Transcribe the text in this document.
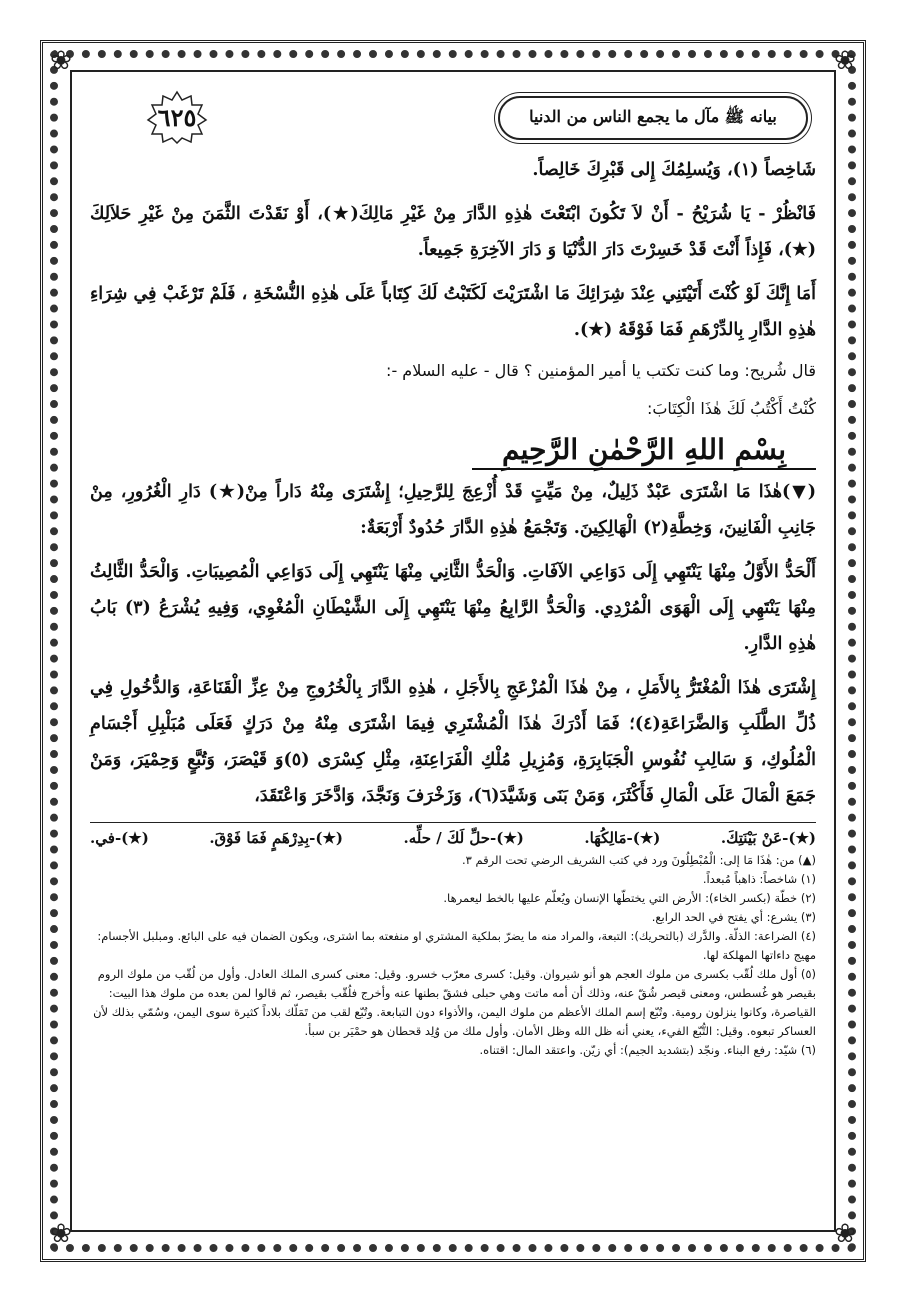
❀	❀
❀	❀
بيانه ﷺ مآل ما يجمع الناس من الدنيا
٦٢٥

شَاخِصاً (١)، وَيُسلِمُكَ إِلى قَبْرِكَ خَالِصاً.

فَانْظُرْ - يَا شُرَيْحُ - أَنْ لاَ تَكُونَ ابْتَعْتَ هٰذِهِ الدَّارَ مِنْ غَيْرِ مَالِكَ(★)، أَوْ نَقَدْتَ الثَّمَنَ مِنْ غَيْرِ حَلاَلِكَ (★)، فَإِذاً أَنْتَ قَدْ خَسِرْتَ دَارَ الدُّنْيَا وَ دَارَ الآخِرَةِ جَمِيعاً.

أَمَا إِنَّكَ لَوْ كُنْتَ أَتَيْتَنِي عِنْدَ شِرَائِكَ مَا اشْتَرَيْتَ لَكَتَبْتُ لَكَ كِتَاباً عَلَى هٰذِهِ النُّسْخَةِ ، فَلَمْ تَرْغَبْ فِي شِرَاءِ هٰذِهِ الدَّارِ بِالدِّرْهَمِ فَمَا فَوْقَهُ (★).

قال شُريح: وما كنت تكتب يا أمير المؤمنين ؟ قال - عليه السلام -:

كُنْتُ أَكْتُبُ لَكَ هٰذَا الْكِتَابَ:

بِسْمِ اللهِ الرَّحْمٰنِ الرَّحِيمِ

(▼)هٰذَا مَا اشْتَرَى عَبْدٌ ذَلِيلٌ، مِنْ مَيِّتٍ قَدْ أُزْعِجَ لِلرَّحِيلِ؛ إِشْتَرَى مِنْهُ دَاراً مِنْ(★) دَارِ الْغُرُورِ، مِنْ جَانِبِ الْفَانِينَ، وَخِطَّةِ(٢) الْهَالِكِينَ. وَتَجْمَعُ هٰذِهِ الدَّارَ حُدُودٌ أَرْبَعَةٌ:

أَلْحَدُّ الأَوَّلُ مِنْهَا يَنْتَهِي إِلَى دَوَاعِي الآفَاتِ. وَالْحَدُّ الثَّانِي مِنْهَا يَنْتَهِي إِلَى دَوَاعِي الْمُصِيبَاتِ. وَالْحَدُّ الثَّالِثُ مِنْهَا يَنْتَهِي إِلَى الْهَوَى الْمُرْدِي. وَالْحَدُّ الرَّابِعُ مِنْهَا يَنْتَهِي إِلَى الشَّيْطَانِ الْمُغْوِي، وَفِيهِ يُشْرَعُ (٣) بَابُ هٰذِهِ الدَّارِ.

إِشْتَرَى هٰذَا الْمُغْتَرُّ بِالأَمَلِ ، مِنْ هٰذَا الْمُزْعَجِ بِالأَجَلِ ، هٰذِهِ الدَّارَ بِالْخُرُوجِ مِنْ عِزِّ الْقَنَاعَةِ، وَالدُّخُولِ فِي ذُلِّ الطَّلَبِ وَالضَّرَاعَةِ(٤)؛ فَمَا أَدْرَكَ هٰذَا الْمُشْتَرِي فِيمَا اشْتَرَى مِنْهُ مِنْ دَرَكٍ فَعَلَى مُبَلْبِلِ أَجْسَامِ الْمُلُوكِ، وَ سَالِبِ نُفُوسِ الْجَبَابِرَةِ، وَمُزِيلِ مُلْكِ الْفَرَاعِنَةِ، مِثْلِ كِسْرَى (٥)وَ قَيْصَرَ، وَتُبَّعٍ وَحِمْيَرَ، وَمَنْ جَمَعَ الْمَالَ عَلَى الْمَالِ فَأَكْثَرَ، وَمَنْ بَنَى وَشَيَّدَ(٦)، وَزَخْرَفَ وَنَجَّدَ، وَادَّخَرَ وَاعْتَقَدَ،

(★)-عَنْ بَيْنَتِكَ.
(★)-مَالِكُهَا.
(★)-حلِّ لَكَ / حلِّه.
(★)-بِدِرْهَمٍ فَمَا فَوْقَ.
(★)-في.
(▲) من: هٰذَا مَا إلى: الْمُبْطِلُونَ ورد في كتب الشريف الرضي تحت الرقم ٣.
(١) شاخصاً: ذاهباً مُبعداً.
(٢) خطّة (بكسر الخاء): الأرض التي يختطّها الإنسان ويُعلّم عليها بالخط ليعمرها.
(٣) يشرع: أي يفتح في الحد الرابع.
(٤) الضراعة: الذلّة. والدَّرك (بالتحريك): التبعة، والمراد منه ما يضرّ بملكية المشتري او منفعته بما اشترى، ويكون الضمان فيه على البائع. ومبلبل الأجسام: مهيج داءاتها المهلكة لها.
(٥) أول ملك لُقّب بكسرى من ملوك العجم هو أنو شيروان. وقيل: كسرى معرّب خسرو. وقيل: معنى كسرى الملك العادل. وأول من لُقّب من ملوك الروم بقيصر هو غُسطس، ومعنى قيصر شُقّ عنه، وذلك أن أمه ماتت وهي حبلى فشقّ بطنها عنه وأخرج فلُقّب بقيصر، ثم قالوا لمن بعده من ملوك هذا البيت: القياصرة، وكانوا ينزلون رومية. وتُبّع إسم الملك الأعظم من ملوك اليمن، والأذواء دون التبابعة. وتُبّع لقب من تَمَلّك بلاداً كثيرة سوى اليمن، وسُمّي بذلك لأن العساكر تبعوه. وقيل: التُّبّع الفيء، يعني أنه ظل الله وظل الأمان. وأول ملك من وُلِد قحطان هو حمْيَر بن سبأ.
(٦) شيّد: رفع البناء. ونجّد (بتشديد الجيم): أي زيّن. واعتقد المال: اقتناه.
